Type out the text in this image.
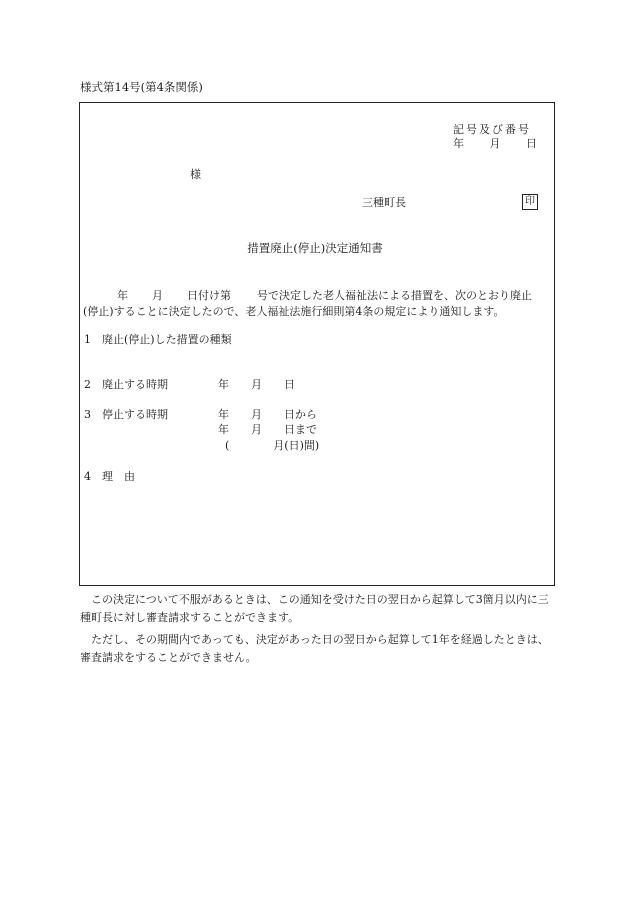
様式第14号(第4条関係)
記号及び番号
年 月 日
様
三種町長	印
措置廃止(停止)決定通知書
年 月 日付け第 号で決定した老人福祉法による措置を、次のとおり廃止
(停止)することに決定したので、老人福祉法施行細則第4条の規定により通知します。
1 廃止(停止)した措置の種類
2 廃止する時期	年 月 日
3 停止する時期	年 月 日から
年 月 日まで
(　　　　月(日)間)
4 理　由
この決定について不服があるときは、この通知を受けた日の翌日から起算して3箇月以内に三種町長に対し審査請求することができます。
ただし、その期間内であっても、決定があった日の翌日から起算して1年を経過したときは、審査請求をすることができません。
